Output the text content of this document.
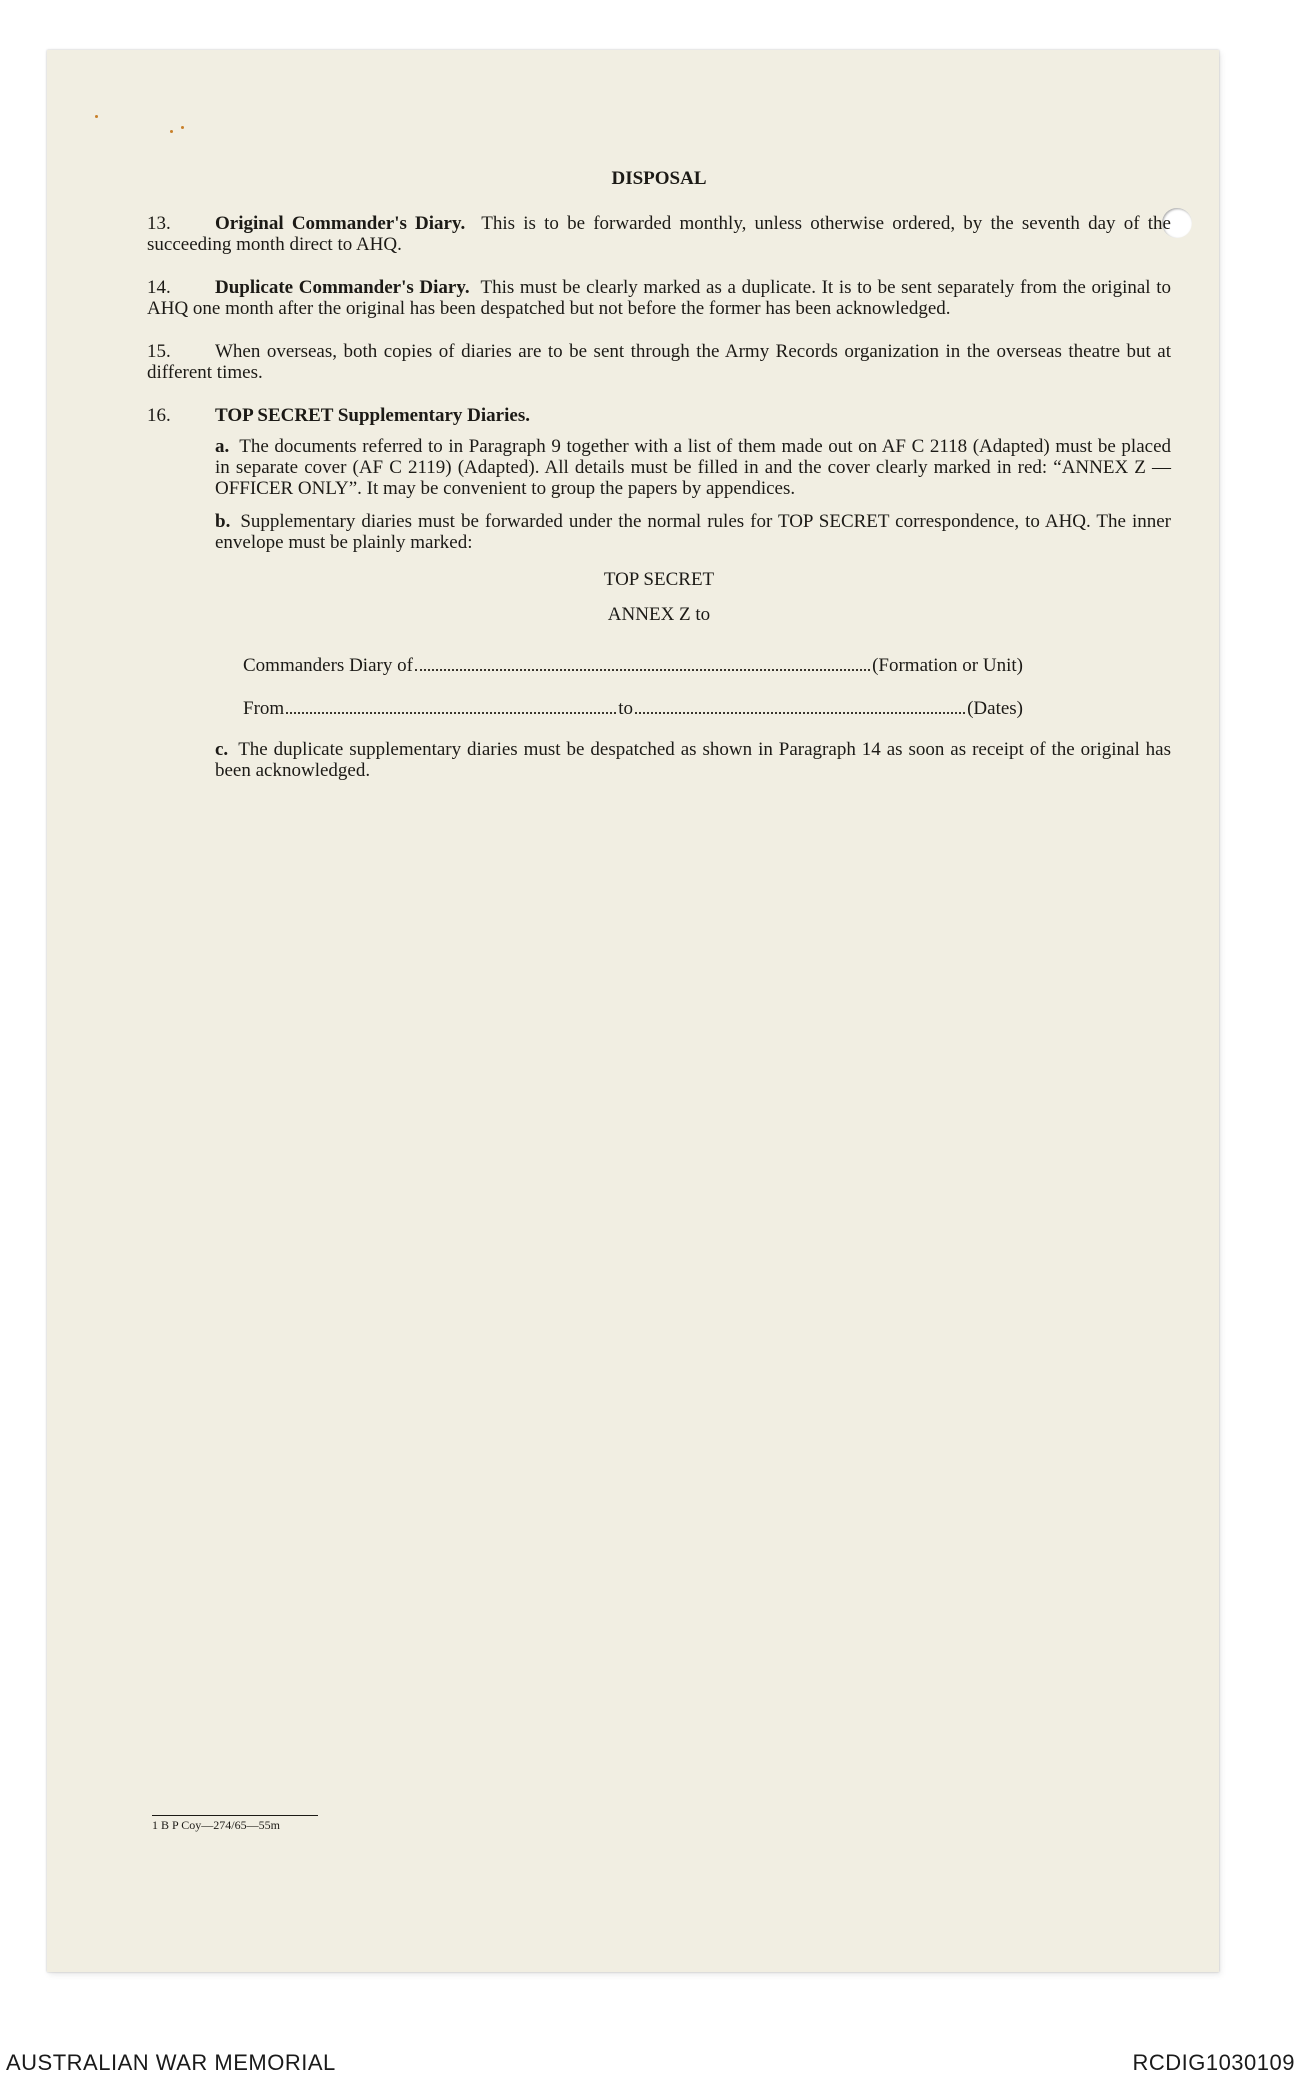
DISPOSAL
13. Original Commander's Diary. This is to be forwarded monthly, unless otherwise ordered, by the seventh day of the succeeding month direct to AHQ.
14. Duplicate Commander's Diary. This must be clearly marked as a duplicate. It is to be sent separately from the original to AHQ one month after the original has been despatched but not before the former has been acknowledged.
15. When overseas, both copies of diaries are to be sent through the Army Records organization in the overseas theatre but at different times.
16. TOP SECRET Supplementary Diaries.
a. The documents referred to in Paragraph 9 together with a list of them made out on AF C 2118 (Adapted) must be placed in separate cover (AF C 2119) (Adapted). All details must be filled in and the cover clearly marked in red: “ANNEX Z — OFFICER ONLY”. It may be convenient to group the papers by appendices.
b. Supplementary diaries must be forwarded under the normal rules for TOP SECRET correspondence, to AHQ. The inner envelope must be plainly marked:
TOP SECRET
ANNEX Z to
Commanders Diary of	(Formation or Unit)
From	to	(Dates)
c. The duplicate supplementary diaries must be despatched as shown in Paragraph 14 as soon as receipt of the original has been acknowledged.
1 B P Coy—274/65—55m
AUSTRALIAN WAR MEMORIAL	RCDIG1030109
